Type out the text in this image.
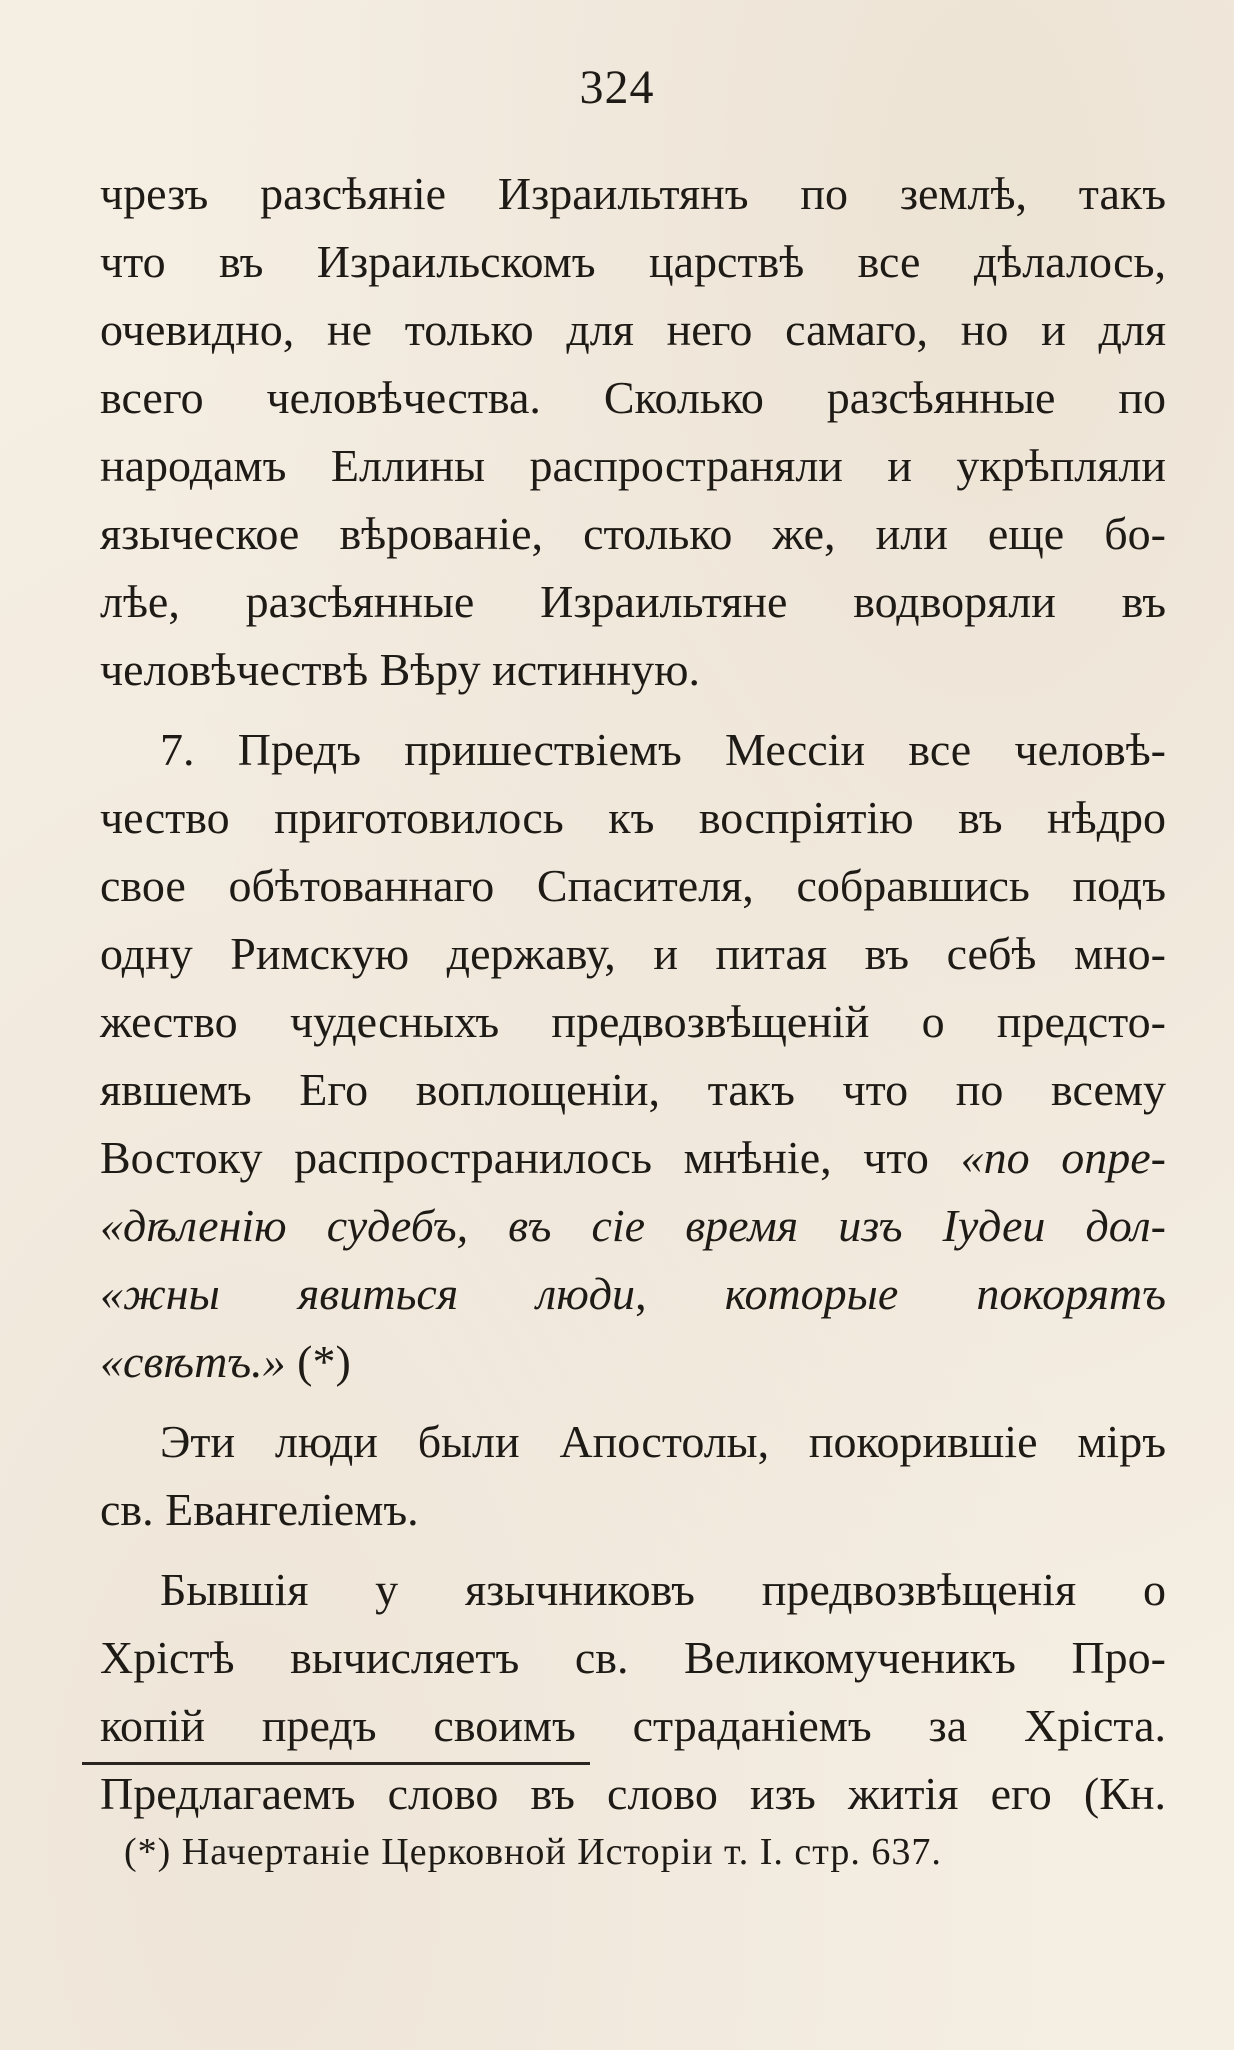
324
чрезъ разсѣяніе Израильтянъ по землѣ, такъ
что въ Израильскомъ царствѣ все дѣлалось,
очевидно, не только для него самаго, но и для
всего человѣчества. Сколько разсѣянные по
народамъ Еллины распространяли и укрѣпляли
языческое вѣрованіе, столько же, или еще бо-
лѣе, разсѣянные Израильтяне водворяли въ
человѣчествѣ Вѣру истинную.
7. Предъ пришествіемъ Мессіи все человѣ-
чество приготовилось къ воспріятію въ нѣдро
свое обѣтованнаго Спасителя, собравшись подъ
одну Римскую державу, и питая въ себѣ мно-
жество чудесныхъ предвозвѣщеній о предсто-
явшемъ Его воплощеніи, такъ что по всему
Востоку распространилось мнѣніе, что «по опре-
«дѣленію судебъ, въ сіе время изъ Іудеи дол-
«жны явиться люди, которые покорятъ
«свѣтъ.» (*)
Эти люди были Апостолы, покорившіе міръ
св. Евангеліемъ.
Бывшія у язычниковъ предвозвѣщенія о
Хрістѣ вычисляетъ св. Великомученикъ Про-
копій предъ своимъ страданіемъ за Хріста.
Предлагаемъ слово въ слово изъ житія его (Кн.
(*) Начертаніе Церковной Исторіи т. I. стр. 637.
